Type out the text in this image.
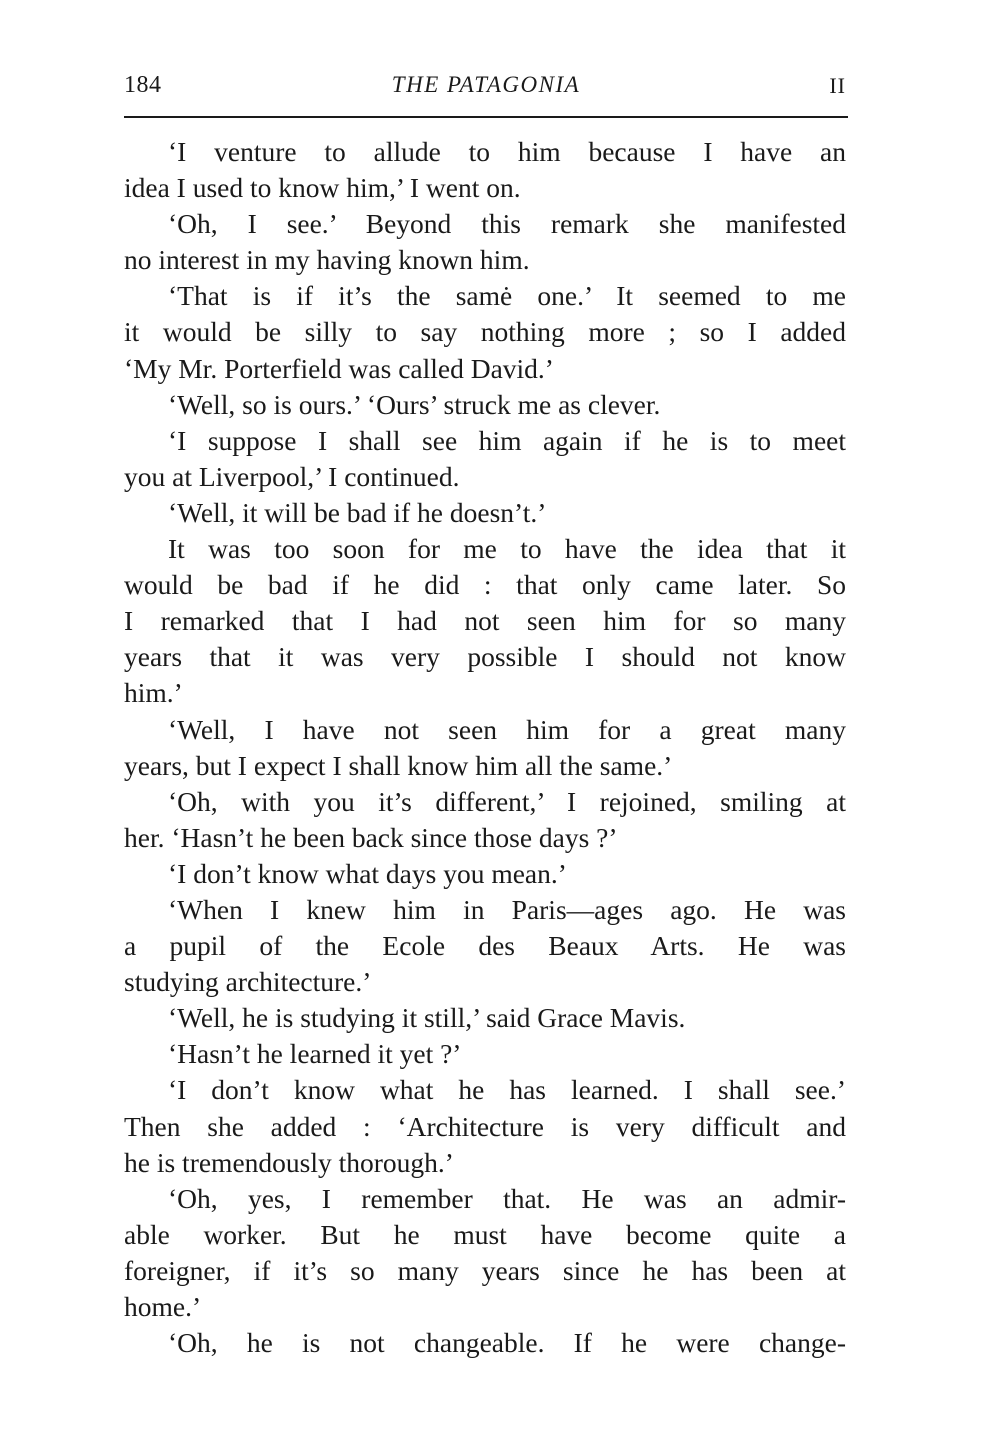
184	THE PATAGONIA	II
‘I venture to allude to him because I have an
idea I used to know him,’ I went on.
‘Oh, I see.’ Beyond this remark she manifested
no interest in my having known him.
‘That is if it’s the samė one.’ It seemed to me
it would be silly to say nothing more ; so I added
‘My Mr. Porterfield was called David.’
‘Well, so is ours.’ ‘Ours’ struck me as clever.
‘I suppose I shall see him again if he is to meet
you at Liverpool,’ I continued.
‘Well, it will be bad if he doesn’t.’
It was too soon for me to have the idea that it
would be bad if he did : that only came later. So
I remarked that I had not seen him for so many
years that it was very possible I should not know
him.’
‘Well, I have not seen him for a great many
years, but I expect I shall know him all the same.’
‘Oh, with you it’s different,’ I rejoined, smiling at
her. ‘Hasn’t he been back since those days ?’
‘I don’t know what days you mean.’
‘When I knew him in Paris—ages ago. He was
a pupil of the Ecole des Beaux Arts. He was
studying architecture.’
‘Well, he is studying it still,’ said Grace Mavis.
‘Hasn’t he learned it yet ?’
‘I don’t know what he has learned. I shall see.’
Then she added : ‘Architecture is very difficult and
he is tremendously thorough.’
‘Oh, yes, I remember that. He was an admir-
able worker. But he must have become quite a
foreigner, if it’s so many years since he has been at
home.’
‘Oh, he is not changeable. If he were change-
